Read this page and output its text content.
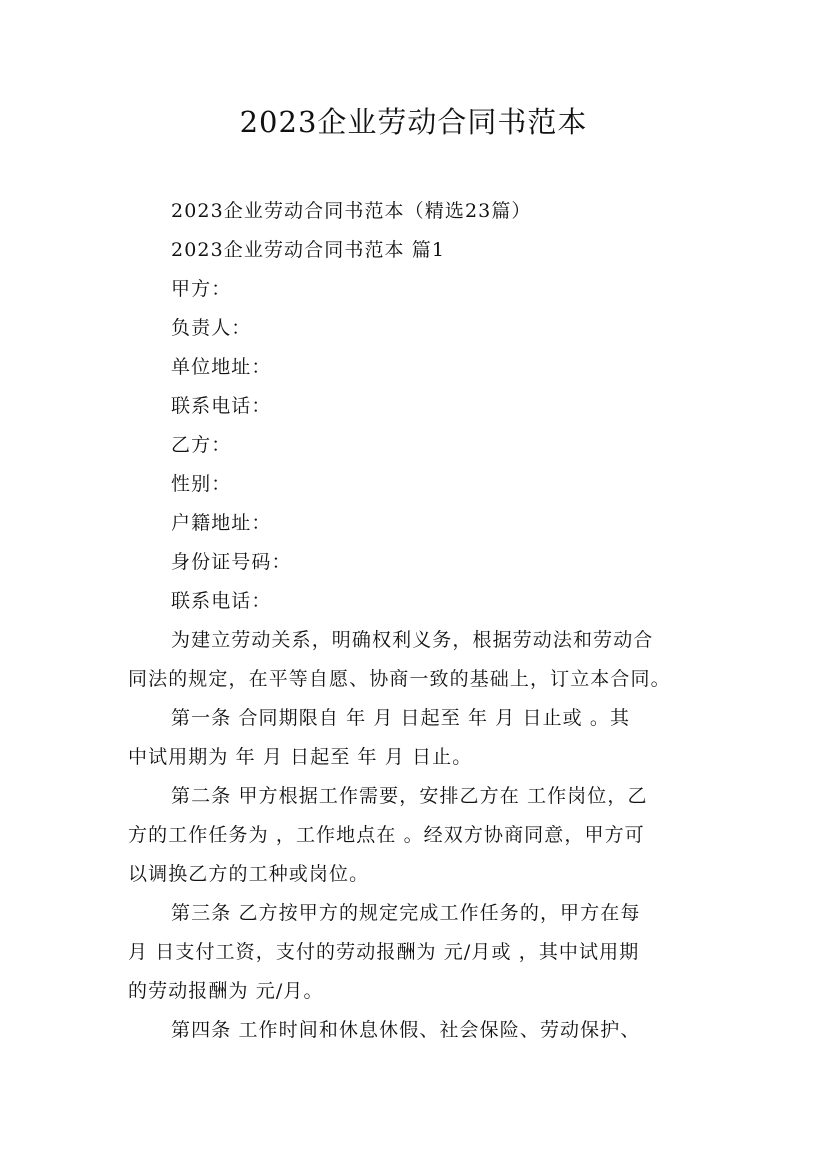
2023企业劳动合同书范本

2023企业劳动合同书范本（精选23篇）

2023企业劳动合同书范本 篇1

甲方：

负责人：

单位地址：

联系电话：

乙方：

性别：

户籍地址：

身份证号码：

联系电话：

为建立劳动关系，明确权利义务，根据劳动法和劳动合
同法的规定，在平等自愿、协商一致的基础上，订立本合同。

第一条 合同期限自 年 月 日起至 年 月 日止或 。其
中试用期为 年 月 日起至 年 月 日止。

第二条 甲方根据工作需要，安排乙方在 工作岗位，乙
方的工作任务为 ，工作地点在 。经双方协商同意，甲方可
以调换乙方的工种或岗位。

第三条 乙方按甲方的规定完成工作任务的，甲方在每
月 日支付工资，支付的劳动报酬为 元/月或 ，其中试用期
的劳动报酬为 元/月。

第四条 工作时间和休息休假、社会保险、劳动保护、
